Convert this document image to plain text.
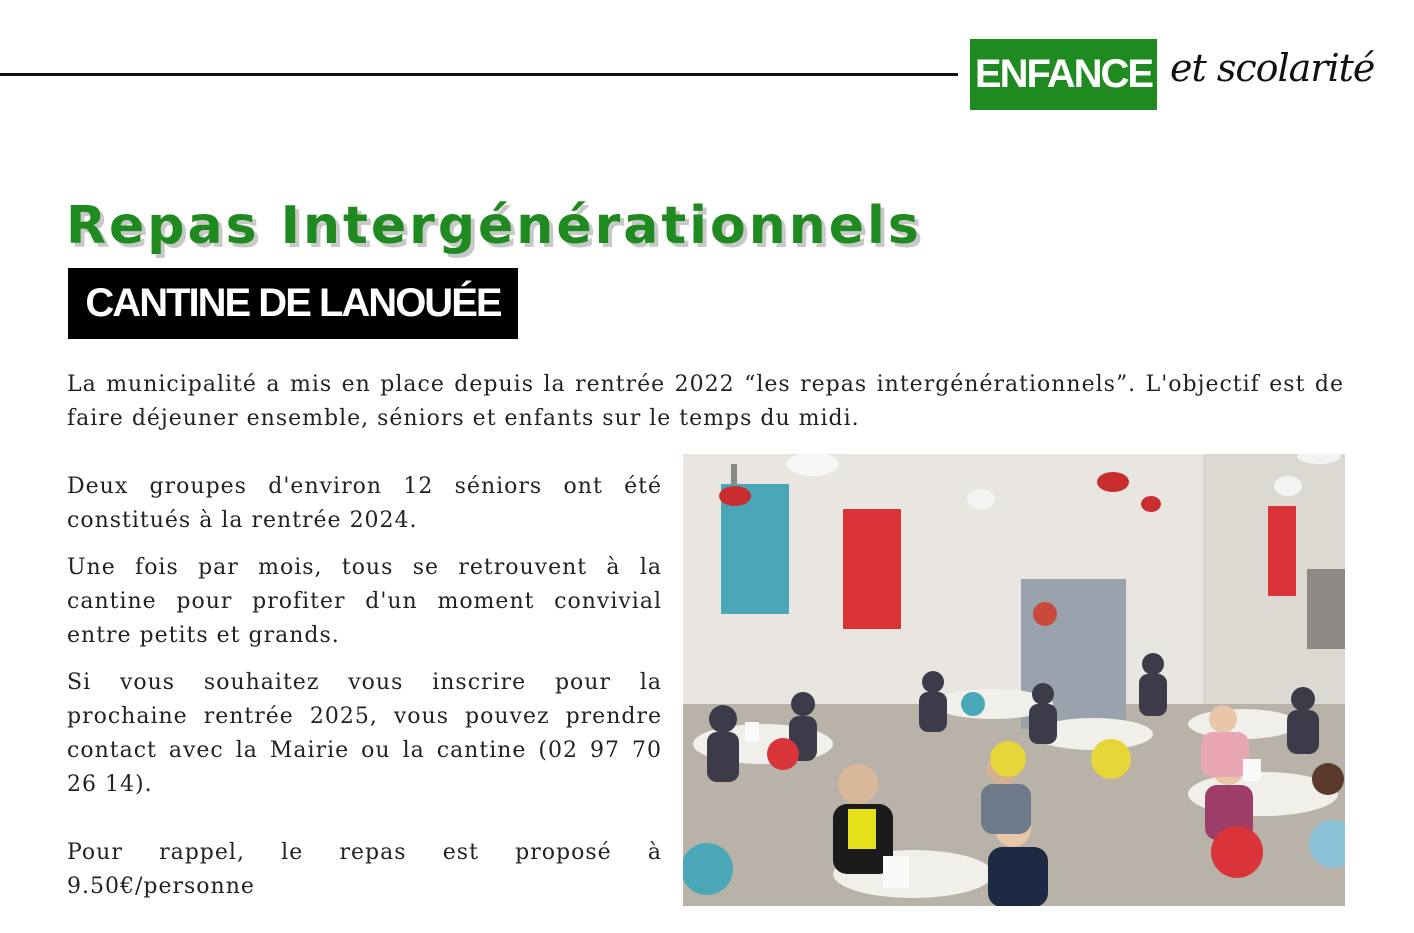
ENFANCE et scolarité
Repas Intergénérationnels
CANTINE DE LANOUÉE

La municipalité a mis en place depuis la rentrée 2022 “les repas intergénérationnels”. L'objectif est de faire déjeuner ensemble, séniors et enfants sur le temps du midi.

Deux groupes d'environ 12 séniors ont été constitués à la rentrée 2024.

Une fois par mois, tous se retrouvent à la cantine pour profiter d'un moment convivial entre petits et grands.

Si vous souhaitez vous inscrire pour la prochaine rentrée 2025, vous pouvez prendre contact avec la Mairie ou la cantine (02 97 70 26 14).

Pour rappel, le repas est proposé à 9.50€/personne
